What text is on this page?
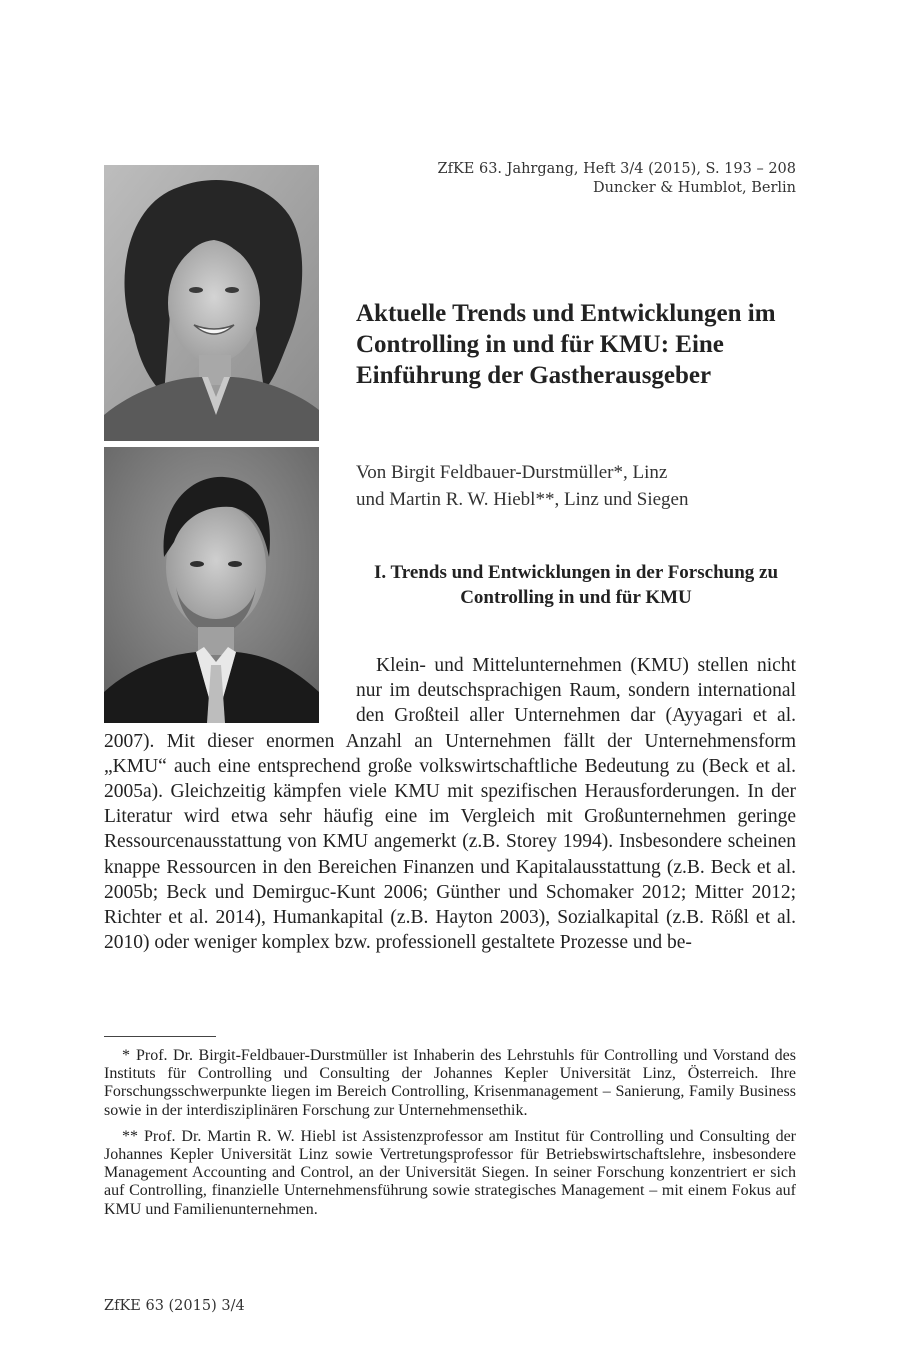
ZfKE 63. Jahrgang, Heft 3/4 (2015), S. 193 – 208
Duncker & Humblot, Berlin
Aktuelle Trends und Entwicklungen im Controlling in und für KMU: Eine Einführung der Gastherausgeber
Von Birgit Feldbauer-Durstmüller*, Linz
und Martin R. W. Hiebl**, Linz und Siegen
I. Trends und Entwicklungen in der Forschung zu Controlling in und für KMU

Klein- und Mittelunternehmen (KMU) stellen nicht nur im deutschsprachigen Raum, sondern international den Großteil aller Unternehmen dar (Ayyagari et al. 2007). Mit dieser enormen Anzahl an Unternehmen fällt der Unternehmensform „KMU“ auch eine entsprechend große volkswirtschaftliche Bedeutung zu (Beck et al. 2005a). Gleichzeitig kämpfen viele KMU mit spezifischen Herausforderungen. In der Literatur wird etwa sehr häufig eine im Vergleich mit Großunternehmen geringe Ressourcenausstattung von KMU angemerkt (z.B. Storey 1994). Insbesondere scheinen knappe Ressourcen in den Bereichen Finanzen und Kapitalausstattung (z.B. Beck et al. 2005b; Beck und Demirguc-Kunt 2006; Günther und Schomaker 2012; Mitter 2012; Richter et al. 2014), Humankapital (z.B. Hayton 2003), Sozialkapital (z.B. Rößl et al. 2010) oder weniger komplex bzw. professionell gestaltete Prozesse und be-

* Prof. Dr. Birgit-Feldbauer-Durstmüller ist Inhaberin des Lehrstuhls für Controlling und Vorstand des Instituts für Controlling und Consulting der Johannes Kepler Universität Linz, Österreich. Ihre Forschungsschwerpunkte liegen im Bereich Controlling, Krisenmanagement – Sanierung, Family Business sowie in der interdisziplinären Forschung zur Unternehmensethik.

** Prof. Dr. Martin R. W. Hiebl ist Assistenzprofessor am Institut für Controlling und Consulting der Johannes Kepler Universität Linz sowie Vertretungsprofessor für Betriebswirtschaftslehre, insbesondere Management Accounting and Control, an der Universität Siegen. In seiner Forschung konzentriert er sich auf Controlling, finanzielle Unternehmensführung sowie strategisches Management – mit einem Fokus auf KMU und Familienunternehmen.

ZfKE 63 (2015) 3/4
